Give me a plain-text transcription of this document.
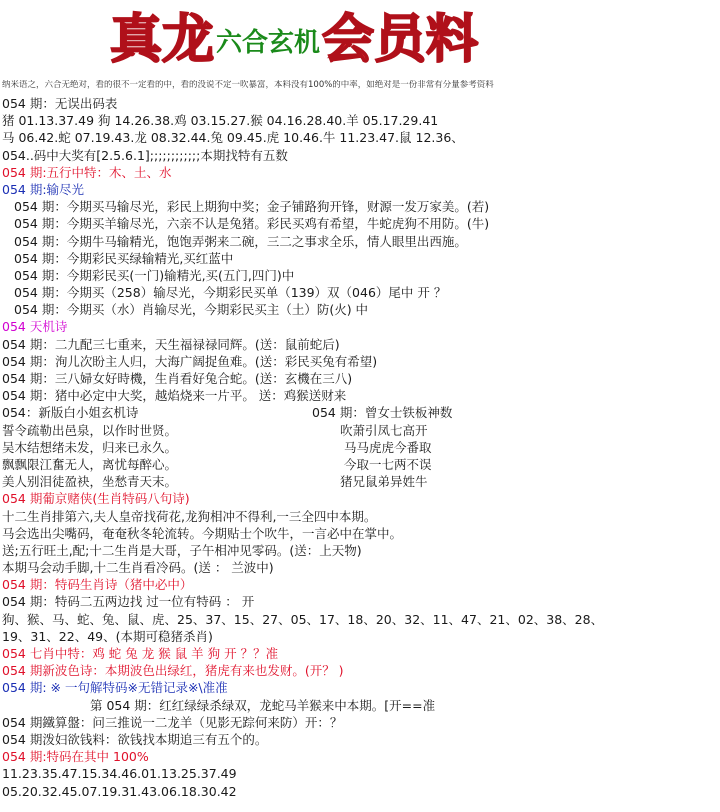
真龙 六合玄机 会员料
纳米语之，六合无绝对，看的很不一定看的中，看的没说不定一吹暴富，本料没有100%的中率，如绝对是一份非常有分量参考资料
054 期：无误出码表
猪 01.13.37.49 狗 14.26.38.鸡 03.15.27.猴 04.16.28.40.羊 05.17.29.41
马 06.42.蛇 07.19.43.龙 08.32.44.兔 09.45.虎 10.46.牛 11.23.47.鼠 12.36、
054..码中大奖有[2.5.6.1];;;;;;;;;;;;本期找特有五数
054 期:五行中特：木、土、水
054 期:输尽光
054 期：今期买马输尽光，彩民上期狗中奖；金子铺路狗开锋，财源一发万家美。(若)
054 期：今期买羊输尽光，六亲不认是兔猪。彩民买鸡有希望，牛蛇虎狗不用防。(牛)
054 期：今期牛马输精光，饱饱弄粥来二碗，三二之事求全乐，情人眼里出西施。
054 期：今期彩民买绿输精光,买红蓝中
054 期：今期彩民买(一门)输精光,买(五门,四门)中
054 期：今期买（258）输尽光，今期彩民买单（139）双（046）尾中 开 ？
054 期：今期买（水）肖输尽光，今期彩民买主（土）防(火) 中
054 天机诗
054 期：二九配三七重来，天生福禄禄同辉。(送：鼠前蛇后)
054 期：洵儿次盼主人归，大海广阔捉鱼难。(送：彩民买兔有希望)
054 期：三八婦女好時機，生肖看好兔合蛇。(送：玄機在三八)
054 期：猪中必定中大奖，越焰烧来一片平。 送：鸡猴送财来
054：新版白小姐玄机诗	054 期：曾女士铁板神数
誓令疏勒出邑泉，以作时世贤。	吹萧引凤七高开
吴木结想绪未发，归来已永久。	马马虎虎今番取
飘飘限江奮无人，离忧每醉心。	今取一七两不误
美人别泪徒盈袂，坐愁青天末。	猪兄鼠弟异姓牛
054 期葡京赌侠(生肖特码八句诗)
十二生肖排第六,夫人皇帝找荷花,龙狗相冲不得利,一三全四中本期。
马会选出尖嘴码，奄奄秋冬轮流转。今期贴士个吹牛，一言必中在掌中。
送;五行旺土,配;十二生肖是大哥，子午相冲见零码。(送：上天物)
本期马会动手脚,十二生肖看冷码。(送 ： 兰波中)
054 期：特码生肖诗（猪中必中）
054 期：特码二五两边找 过一位有特码 ： 开
狗、猴、马、蛇、兔、鼠、虎、25、37、15、27、05、17、18、20、32、11、47、21、02、38、28、
19、31、22、49、(本期可稳猪杀肖)
054 七肖中特：鸡 蛇 兔 龙 猴 鼠 羊 狗 开 ？？准
054 期新波色诗：本期波色出绿红，猪虎有来也发财。(开？ )
054 期: ※ 一句解特码※无错记录※\准准
第 054 期：红红绿绿杀绿双，龙蛇马羊猴来中本期。[开==准
054 期鐵算盤：问三推说一二龙羊（见影无踪何来防）开：？
054 期泼妇欲钱料：欲钱找本期追三有五个的。
054 期:特码在其中 100%
11.23.35.47.15.34.46.01.13.25.37.49
05.20.32.45.07.19.31.43.06.18.30.42
